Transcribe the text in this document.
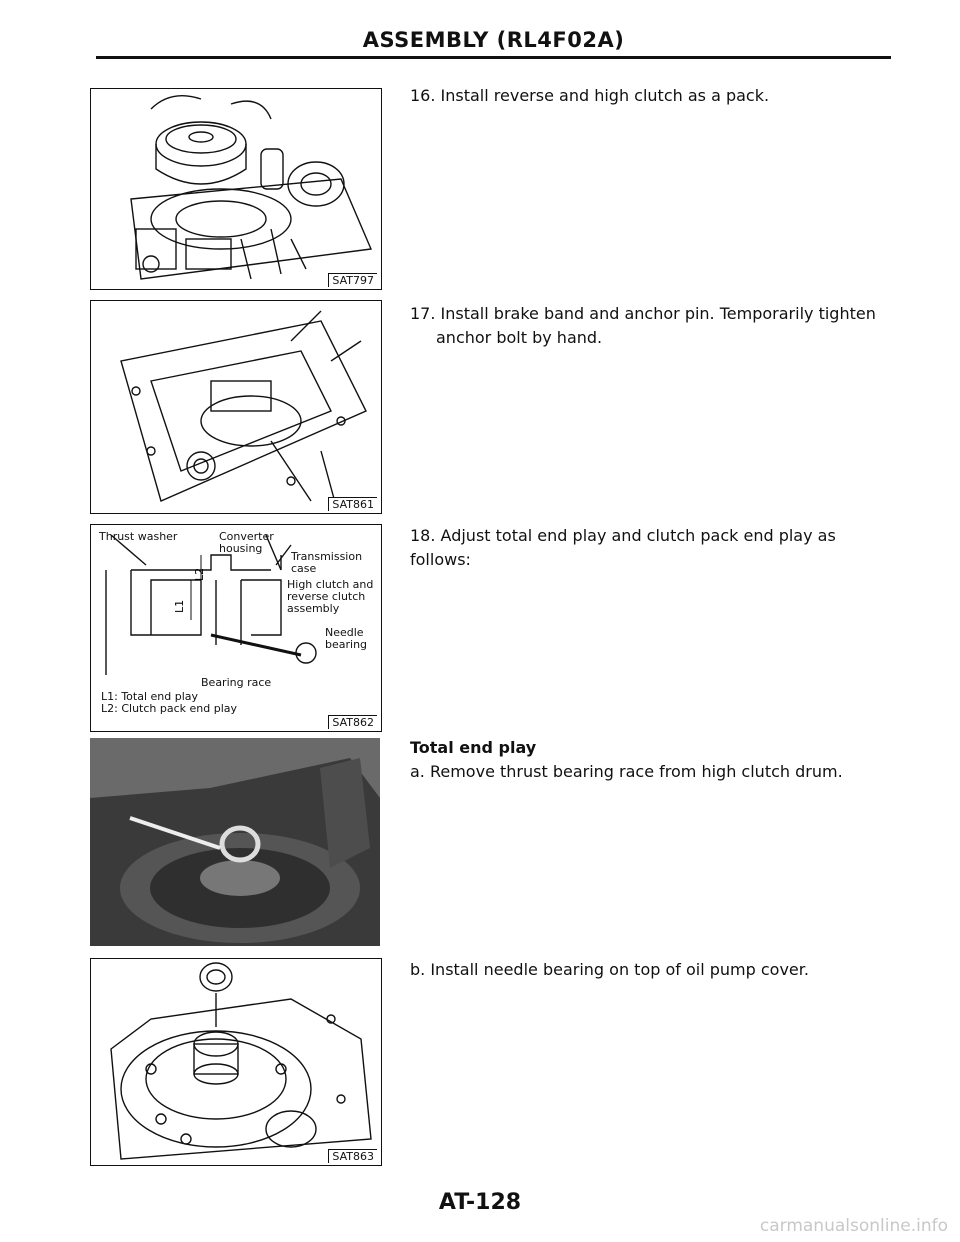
ASSEMBLY (RL4F02A)
SAT797
SAT861
L2
L1
Thrust washer	Converter
housing
Transmission
case
High clutch and
reverse clutch
assembly
Needle
bearing
Bearing race
L1: Total end play
L2: Clutch pack end play
SAT862
SAT863
16. Install reverse and high clutch as a pack.
17. Install brake band and anchor pin. Temporarily tighten
anchor bolt by hand.
18. Adjust total end play and clutch pack end play as follows:
Total end play
a. Remove thrust bearing race from high clutch drum.
b. Install needle bearing on top of oil pump cover.
AT-128
carmanualsonline.info
